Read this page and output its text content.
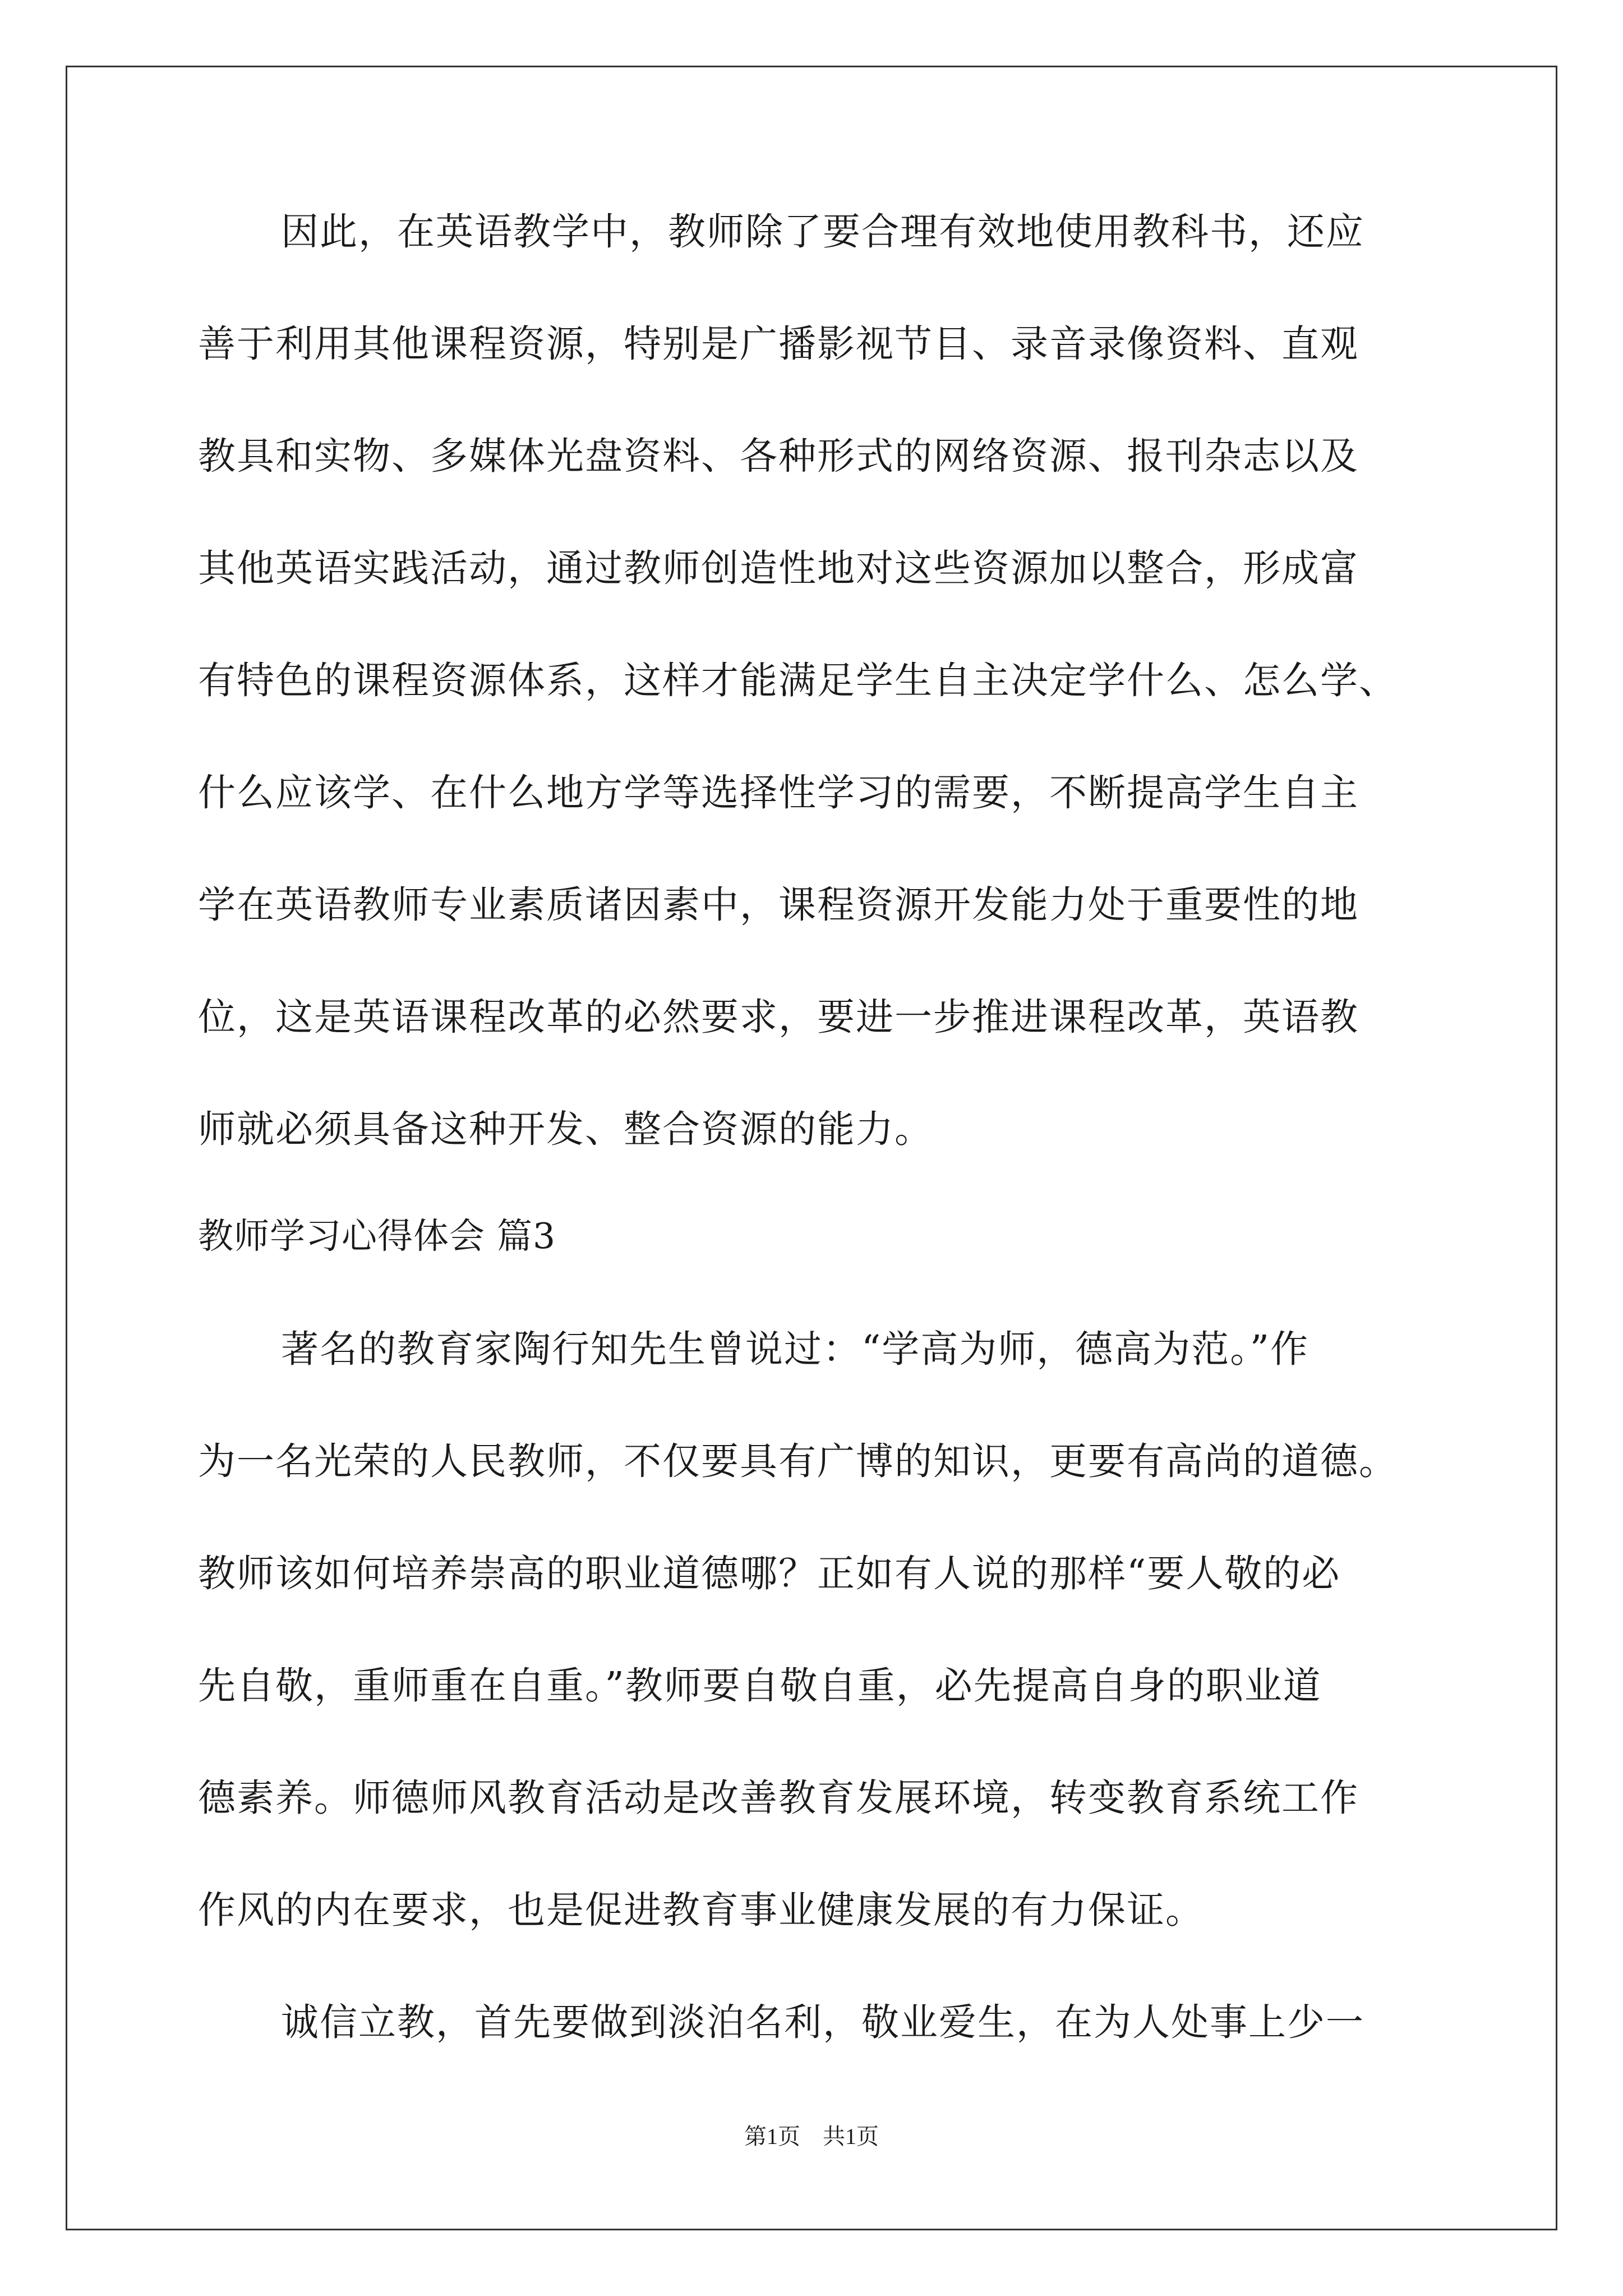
因此，在英语教学中，教师除了要合理有效地使用教科书，还应
善于利用其他课程资源，特别是广播影视节目、录音录像资料、直观
教具和实物、多媒体光盘资料、各种形式的网络资源、报刊杂志以及
其他英语实践活动，通过教师创造性地对这些资源加以整合，形成富
有特色的课程资源体系，这样才能满足学生自主决定学什么、怎么学、
什么应该学、在什么地方学等选择性学习的需要，不断提高学生自主
学在英语教师专业素质诸因素中，课程资源开发能力处于重要性的地
位，这是英语课程改革的必然要求，要进一步推进课程改革，英语教
师就必须具备这种开发、整合资源的能力。
教师学习心得体会 篇3
著名的教育家陶行知先生曾说过：“学高为师，德高为范。”作
为一名光荣的人民教师，不仅要具有广博的知识，更要有高尚的道德。
教师该如何培养崇高的职业道德哪？正如有人说的那样“要人敬的必
先自敬，重师重在自重。”教师要自敬自重，必先提高自身的职业道
德素养。师德师风教育活动是改善教育发展环境，转变教育系统工作
作风的内在要求，也是促进教育事业健康发展的有力保证。
诚信立教，首先要做到淡泊名利，敬业爱生，在为人处事上少一
第1页 共1页
